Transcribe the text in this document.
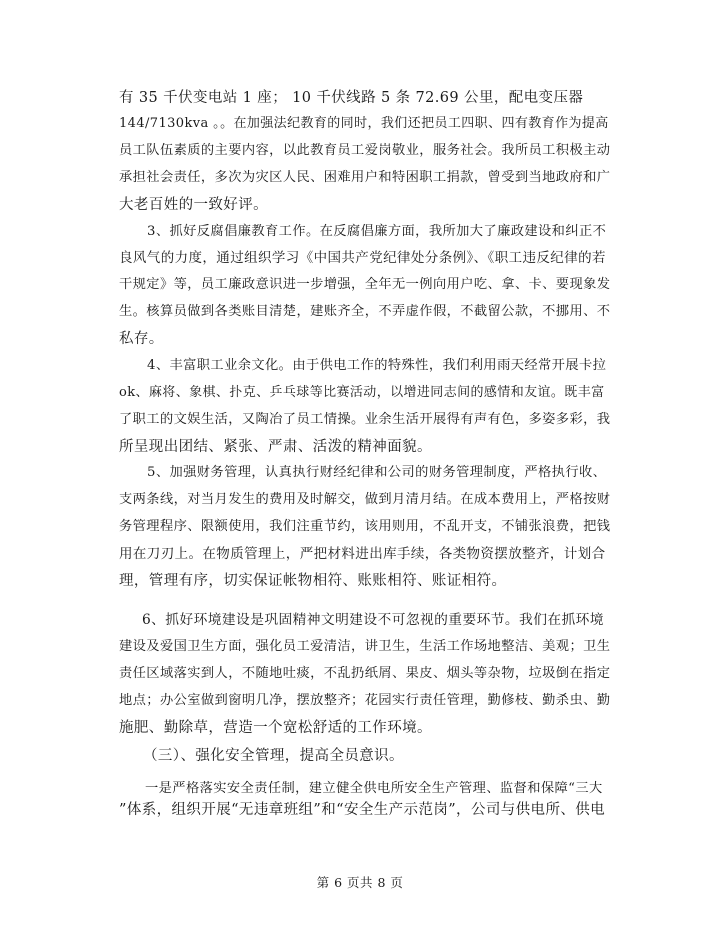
有 35 千伏变电站 1 座； 10 千伏线路 5 条 72.69 公里，配电变压器
144/7130kva 。。在加强法纪教育的同时，我们还把员工四职、四有教育作为提高
员工队伍素质的主要内容，以此教育员工爱岗敬业，服务社会。我所员工积极主动
承担社会责任，多次为灾区人民、困难用户和特困职工捐款，曾受到当地政府和广
大老百姓的一致好评。
3、抓好反腐倡廉教育工作。在反腐倡廉方面，我所加大了廉政建设和纠正不
良风气的力度，通过组织学习《中国共产党纪律处分条例》、《职工违反纪律的若
干规定》等，员工廉政意识进一步增强，全年无一例向用户吃、拿、卡、要现象发
生。核算员做到各类账目清楚，建账齐全，不弄虚作假，不截留公款，不挪用、不
私存。
4、丰富职工业余文化。由于供电工作的特殊性，我们利用雨天经常开展卡拉
ok、麻将、象棋、扑克、乒乓球等比赛活动，以增进同志间的感情和友谊。既丰富
了职工的文娱生活，又陶冶了员工情操。业余生活开展得有声有色，多姿多彩，我
所呈现出团结、紧张、严肃、活泼的精神面貌。
5、加强财务管理，认真执行财经纪律和公司的财务管理制度，严格执行收、
支两条线，对当月发生的费用及时解交，做到月清月结。在成本费用上，严格按财
务管理程序、限额使用，我们注重节约，该用则用，不乱开支，不铺张浪费，把钱
用在刀刃上。在物质管理上，严把材料进出库手续，各类物资摆放整齐，计划合
理，管理有序，切实保证帐物相符、账账相符、账证相符。
6、抓好环境建设是巩固精神文明建设不可忽视的重要环节。我们在抓环境
建设及爱国卫生方面，强化员工爱清洁，讲卫生，生活工作场地整洁、美观；卫生
责任区域落实到人，不随地吐痰，不乱扔纸屑、果皮、烟头等杂物，垃圾倒在指定
地点；办公室做到窗明几净，摆放整齐；花园实行责任管理，勤修枝、勤杀虫、勤
施肥、勤除草，营造一个宽松舒适的工作环境。
（三）、强化安全管理，提高全员意识。
一是严格落实安全责任制，建立健全供电所安全生产管理、监督和保障“三大
”体系，组织开展“无违章班组”和“安全生产示范岗”，公司与供电所、供电
第 6 页共 8 页
